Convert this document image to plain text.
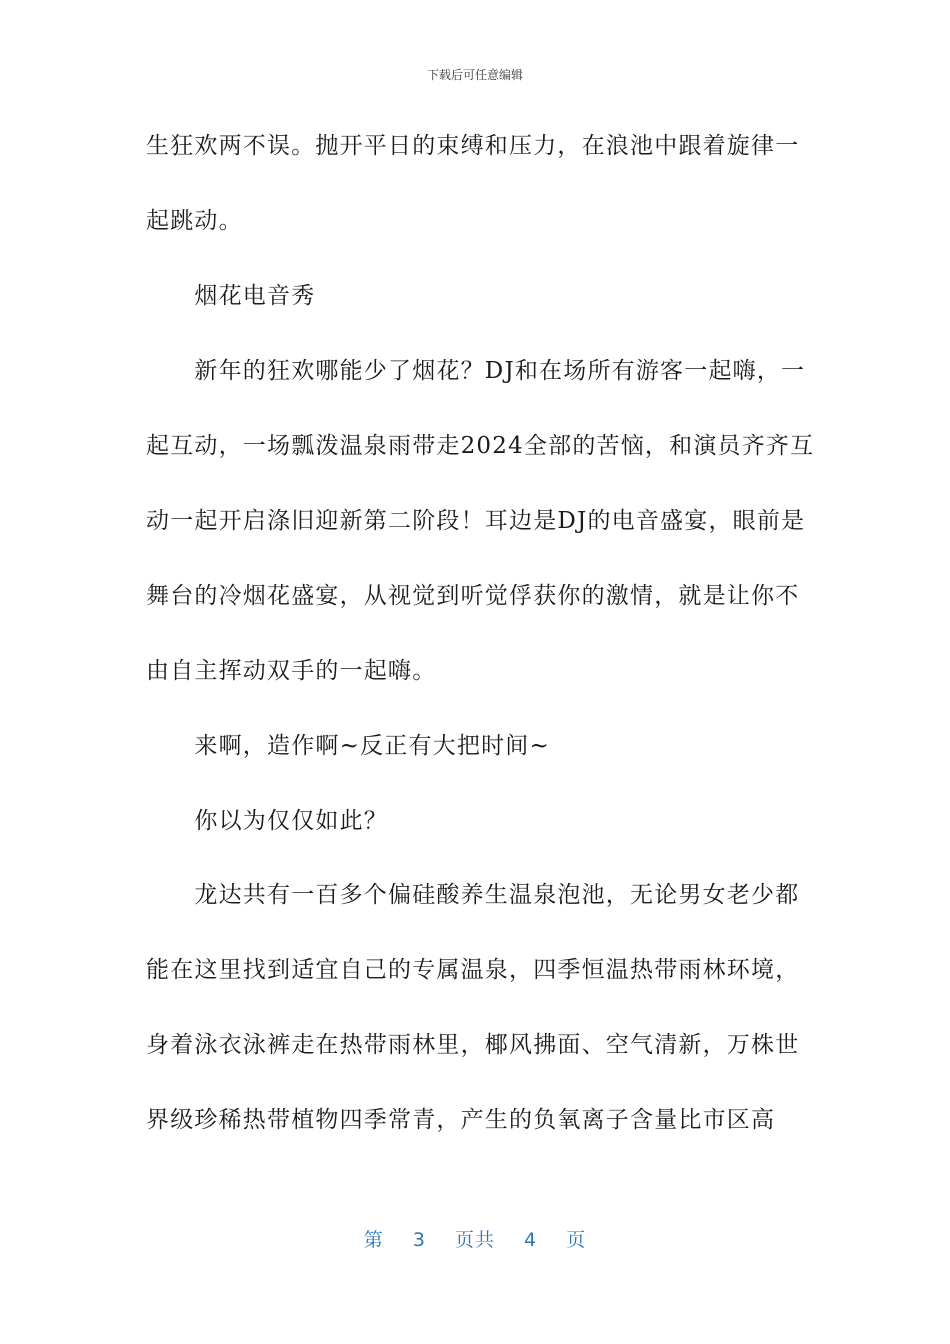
下载后可任意编辑
生狂欢两不误。抛开平日的束缚和压力，在浪池中跟着旋律一
起跳动。
　　烟花电音秀
　　新年的狂欢哪能少了烟花？DJ和在场所有游客一起嗨，一
起互动，一场瓢泼温泉雨带走2024全部的苦恼，和演员齐齐互
动一起开启涤旧迎新第二阶段！耳边是DJ的电音盛宴，眼前是
舞台的冷烟花盛宴，从视觉到听觉俘获你的激情，就是让你不
由自主挥动双手的一起嗨。
　　来啊，造作啊~反正有大把时间~
　　你以为仅仅如此？
　　龙达共有一百多个偏硅酸养生温泉泡池，无论男女老少都
能在这里找到适宜自己的专属温泉，四季恒温热带雨林环境，
身着泳衣泳裤走在热带雨林里，椰风拂面、空气清新，万株世
界级珍稀热带植物四季常青，产生的负氧离子含量比市区高
第 3 页共 4 页
